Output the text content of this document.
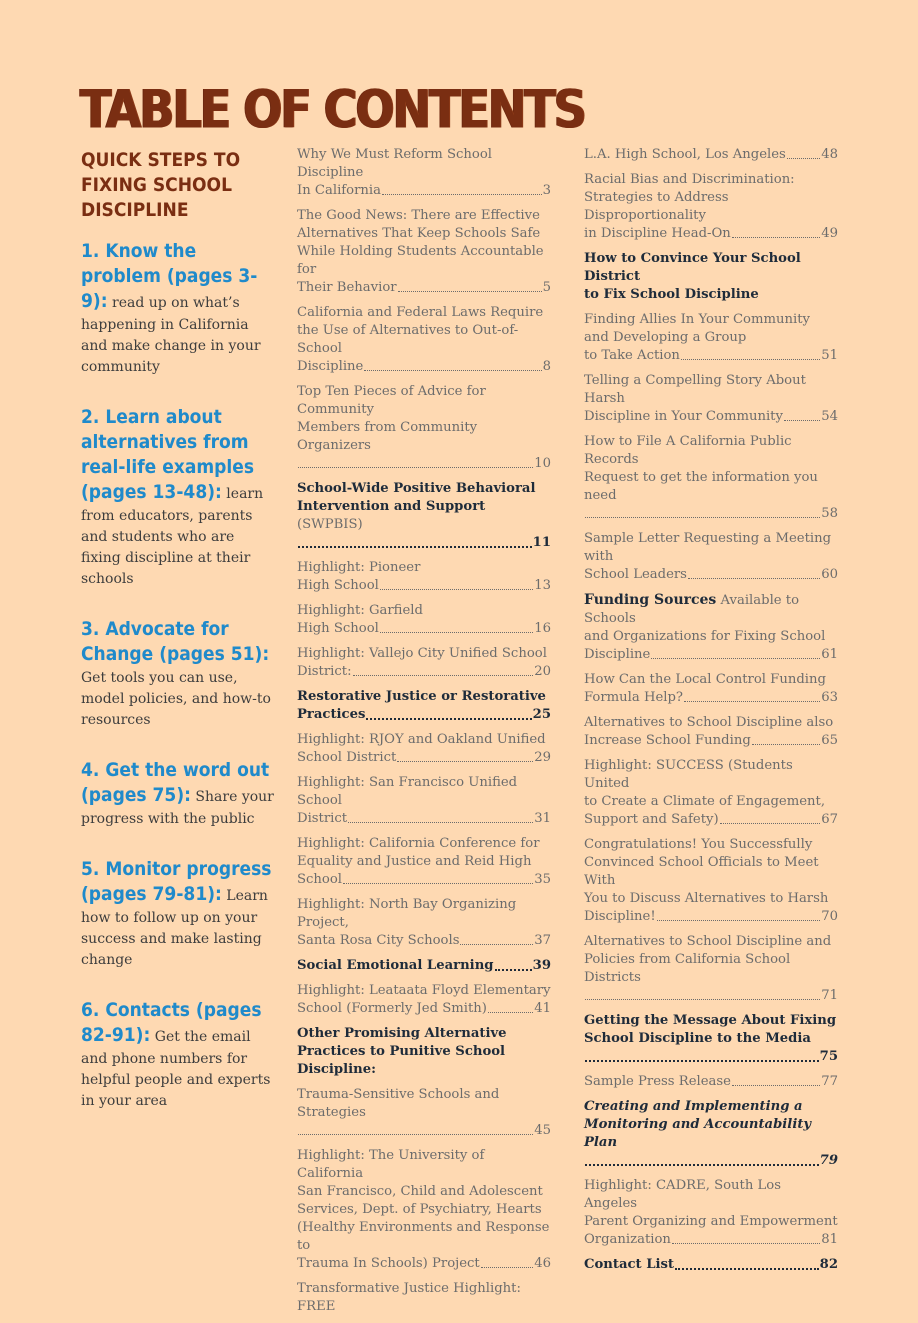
TABLE OF CONTENTS
QUICK STEPS TO FIXING SCHOOL DISCIPLINE
1. Know the problem (pages 3-9): read up on what’s happening in California and make change in your community
2. Learn about alternatives from real-life examples (pages 13-48): learn from educators, parents and students who are fixing discipline at their schools
3. Advocate for Change (pages 51): Get tools you can use, model policies, and how-to resources
4. Get the word out (pages 75): Share your progress with the public
5. Monitor progress (pages 79-81): Learn how to follow up on your success and make lasting change
6. Contacts (pages 82-91): Get the email and phone numbers for helpful people and experts in your area
Why We Must Reform School Discipline
In California	3
The Good News: There are Effective
Alternatives That Keep Schools Safe
While Holding Students Accountable for
Their Behavior	5
California and Federal Laws Require
the Use of Alternatives to Out-of-School
Discipline	8
Top Ten Pieces of Advice for Community
Members from Community Organizers
10
School-Wide Positive Behavioral
Intervention and Support (SWPBIS)
11
Highlight: Pioneer
High School	13
Highlight: Garfield
High School	16
Highlight: Vallejo City Unified School
District:	20
Restorative Justice or Restorative
Practices	25
Highlight: RJOY and Oakland Unified
School District	29
Highlight: San Francisco Unified School
District	31
Highlight: California Conference for
Equality and Justice and Reid High
School	35
Highlight: North Bay Organizing Project,
Santa Rosa City Schools	37
Social Emotional Learning	39
Highlight: Leataata Floyd Elementary
School (Formerly Jed Smith)	41
Other Promising Alternative
Practices to Punitive School
Discipline:
Trauma-Sensitive Schools and Strategies
45
Highlight: The University of California
San Francisco, Child and Adolescent
Services, Dept. of Psychiatry, Hearts
(Healthy Environments and Response to
Trauma In Schools) Project	46
Transformative Justice Highlight: FREE
L.A. High School, Los Angeles	48
Racial Bias and Discrimination:
Strategies to Address Disproportionality
in Discipline Head-On	49
How to Convince Your School District
to Fix School Discipline
Finding Allies In Your Community
and Developing a Group
to Take Action	51
Telling a Compelling Story About Harsh
Discipline in Your Community	54
How to File A California Public Records
Request to get the information you need
58
Sample Letter Requesting a Meeting with
School Leaders	60
Funding Sources Available to Schools
and Organizations for Fixing School
Discipline	61
How Can the Local Control Funding
Formula Help?	63
Alternatives to School Discipline also
Increase School Funding	65
Highlight: SUCCESS (Students United
to Create a Climate of Engagement,
Support and Safety)	67
Congratulations! You Successfully
Convinced School Officials to Meet With
You to Discuss Alternatives to Harsh
Discipline!	70
Alternatives to School Discipline and
Policies from California School Districts
71
Getting the Message About Fixing
School Discipline to the Media
75
Sample Press Release	77
Creating and Implementing a
Monitoring and Accountability Plan
79
Highlight: CADRE, South Los Angeles
Parent Organizing and Empowerment
Organization	81
Contact List	82
